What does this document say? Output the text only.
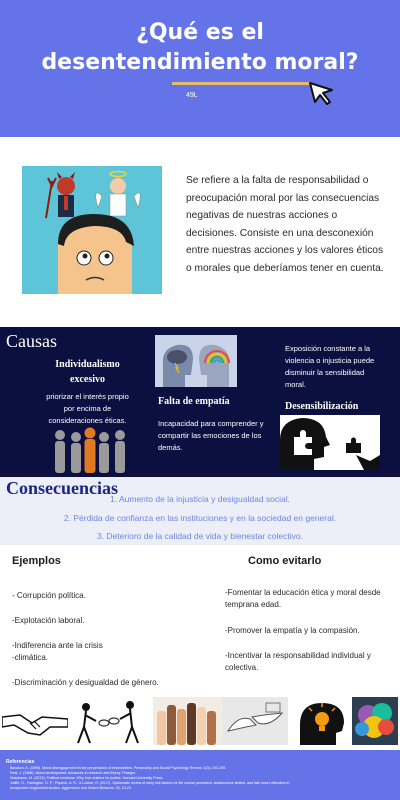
¿Qué es el
desentendimiento moral?
49L
Se refiere a la falta de responsabilidad o preocupación moral por las consecuencias negativas de nuestras acciones o decisiones. Consiste en una desconexión entre nuestras acciones y los valores éticos o morales que deberíamos tener en cuenta.
Causas
Individualismo excesivo
priorizar el interés propio por encima de consideraciones éticas.
Falta de empatía
Incapacidad para comprender y compartir las emociones de los demás.
Exposición constante a la violencia o injusticia puede disminuir la sensibilidad moral.
Desensibilización
Consecuencias
1. Aumento de la injusticia y desigualdad social.
2. Pérdida de confianza en las instituciones y en la sociedad en general.
3. Deterioro de la calidad de vida y bienestar colectivo.
Ejemplos
- Corrupción política.
-Explotación laboral.
-Indiferencia ante la crisis
-climática.
-Discriminación y desigualdad de género.
Como evitarlo
-Fomentar la educación ética y moral desde temprana edad.
-Promover la empatía y la compasión.
-Incentivar la responsabilidad individual y colectiva.
Referencias
Bandura, A. (1999). Moral disengagement in the perpetration of inhumanities. Personality and Social Psychology Review, 3(3), 193-209.
Rest, J. (1986). Moral development: Advances in research and theory. Praeger.
Nussbaum, M. (2013). Political emotions: Why love matters for justice. Harvard University Press.
Joliffe, D., Farrington, D. P., Piquero, A. R., & Loeber, R. (2017). Systematic review of early risk factors for life course persistent, adolescence limited, and late onset offenders in
prospective longitudinal studies. Aggression and Violent Behavior, 33, 15-23.
